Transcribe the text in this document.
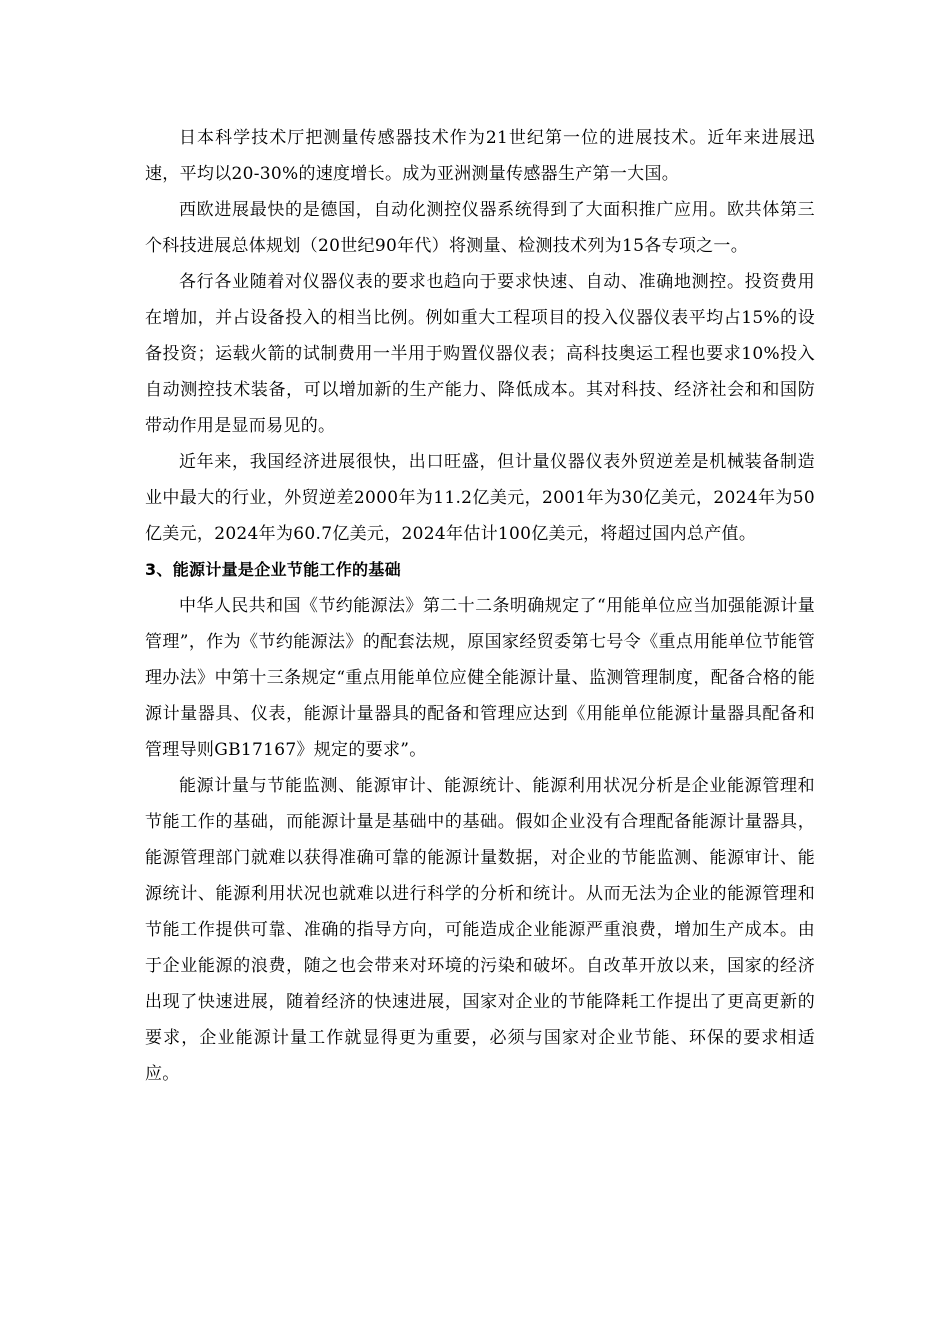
日本科学技术厅把测量传感器技术作为21世纪第一位的进展技术。近年来进展迅速，平均以20-30%的速度增长。成为亚洲测量传感器生产第一大国。

西欧进展最快的是德国，自动化测控仪器系统得到了大面积推广应用。欧共体第三个科技进展总体规划（20世纪90年代）将测量、检测技术列为15各专项之一。

各行各业随着对仪器仪表的要求也趋向于要求快速、自动、准确地测控。投资费用在增加，并占设备投入的相当比例。例如重大工程项目的投入仪器仪表平均占15%的设备投资；运载火箭的试制费用一半用于购置仪器仪表；高科技奥运工程也要求10%投入自动测控技术装备，可以增加新的生产能力、降低成本。其对科技、经济社会和和国防带动作用是显而易见的。

近年来，我国经济进展很快，出口旺盛，但计量仪器仪表外贸逆差是机械装备制造业中最大的行业，外贸逆差2000年为11.2亿美元，2001年为30亿美元，2024年为50亿美元，2024年为60.7亿美元，2024年估计100亿美元，将超过国内总产值。

3、能源计量是企业节能工作的基础

中华人民共和国《节约能源法》第二十二条明确规定了“用能单位应当加强能源计量管理”，作为《节约能源法》的配套法规，原国家经贸委第七号令《重点用能单位节能管理办法》中第十三条规定“重点用能单位应健全能源计量、监测管理制度，配备合格的能源计量器具、仪表，能源计量器具的配备和管理应达到《用能单位能源计量器具配备和管理导则GB17167》规定的要求”。

能源计量与节能监测、能源审计、能源统计、能源利用状况分析是企业能源管理和节能工作的基础，而能源计量是基础中的基础。假如企业没有合理配备能源计量器具，能源管理部门就难以获得准确可靠的能源计量数据，对企业的节能监测、能源审计、能源统计、能源利用状况也就难以进行科学的分析和统计。从而无法为企业的能源管理和节能工作提供可靠、准确的指导方向，可能造成企业能源严重浪费，增加生产成本。由于企业能源的浪费，随之也会带来对环境的污染和破坏。自改革开放以来，国家的经济出现了快速进展，随着经济的快速进展，国家对企业的节能降耗工作提出了更高更新的要求，企业能源计量工作就显得更为重要，必须与国家对企业节能、环保的要求相适应。
